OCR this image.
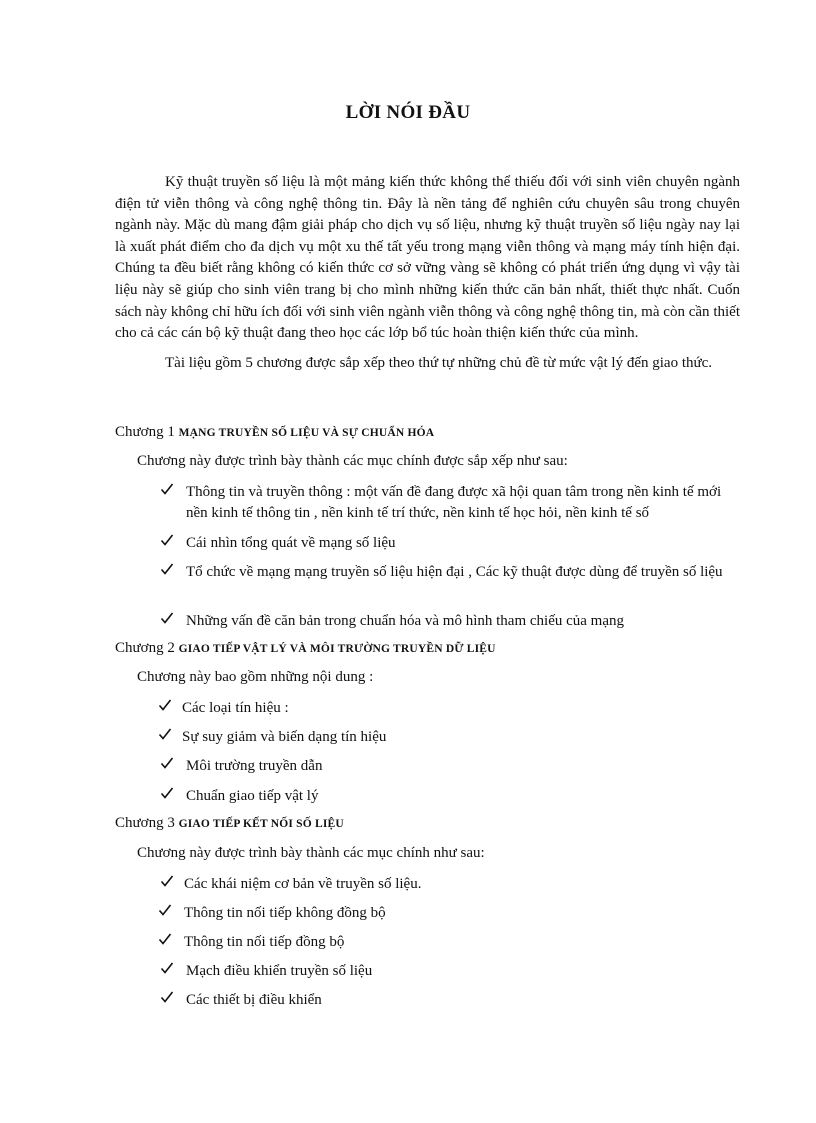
LỜI NÓI ĐẦU

Kỹ thuật truyền số liệu là một mảng kiến thức không thể thiếu đối với sinh viên chuyên ngành điện tử viễn thông và công nghệ thông tin. Đây là nền tảng để nghiên cứu chuyên sâu trong chuyên ngành này. Mặc dù mang đậm giải pháp cho dịch vụ số liệu, nhưng kỹ thuật truyền số liệu ngày nay lại là xuất phát điểm cho đa dịch vụ một xu thế tất yếu trong mạng viễn thông và mạng máy tính hiện đại. Chúng ta đều biết rằng không có kiến thức cơ sở vững vàng sẽ không có phát triển ứng dụng vì vậy tài liệu này sẽ giúp cho sinh viên trang bị cho mình những kiến thức căn bản nhất, thiết thực nhất. Cuốn sách này không chỉ hữu ích đối với sinh viên ngành viễn thông và công nghệ thông tin, mà còn cần thiết cho cả các cán bộ kỹ thuật đang theo học các lớp bổ túc hoàn thiện kiến thức của mình.

Tài liệu gồm 5 chương được sắp xếp theo thứ tự những chủ đề từ mức vật lý đến giao thức.

Chương 1 MẠNG TRUYỀN SỐ LIỆU VÀ SỰ CHUẨN HÓA
Chương này được trình bày thành các mục chính được sắp xếp như sau:
Thông tin và truyền thông : một vấn đề đang được xã hội quan tâm trong nền kinh tế mới nền kinh tế thông tin , nền kinh tế trí thức, nền kinh tế học hỏi, nền kinh tế số
Cái nhìn tổng quát về mạng số liệu
Tổ chức về mạng mạng truyền số liệu hiện đại , Các kỹ thuật được dùng để truyền số liệu
Những vấn đề căn bản trong chuẩn hóa và mô hình tham chiếu của mạng
Chương 2 GIAO TIẾP VẬT LÝ VÀ MÔI TRƯỜNG TRUYỀN DỮ LIỆU
Chương này bao gồm những nội dung :
Các loại tín hiệu :
Sự suy giảm và biến dạng tín hiệu
Môi trường truyền dẫn
Chuẩn giao tiếp vật lý
Chương 3 GIAO TIẾP KẾT NỐI SỐ LIỆU
Chương này được trình bày thành các mục chính như sau:
Các khái niệm cơ bản về truyền số liệu.
Thông tin nối tiếp không đồng bộ
Thông tin nối tiếp đồng bộ
Mạch điều khiển truyền số liệu
Các thiết bị điều khiển
